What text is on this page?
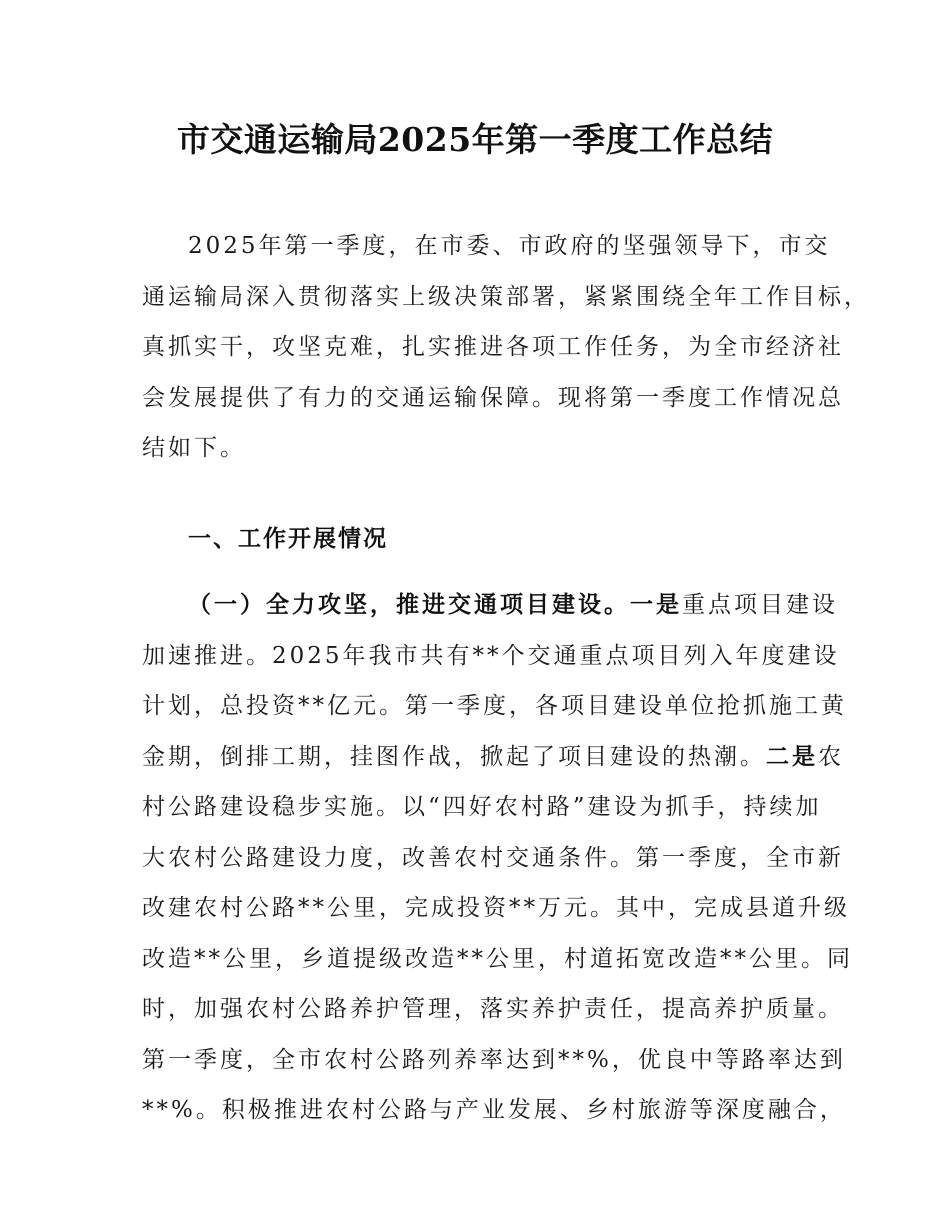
市交通运输局2025年第一季度工作总结
2025年第一季度，在市委、市政府的坚强领导下，市交
通运输局深入贯彻落实上级决策部署，紧紧围绕全年工作目标，
真抓实干，攻坚克难，扎实推进各项工作任务，为全市经济社
会发展提供了有力的交通运输保障。现将第一季度工作情况总
结如下。
一、工作开展情况
（一）全力攻坚，推进交通项目建设。一是重点项目建设
加速推进。2025年我市共有**个交通重点项目列入年度建设
计划，总投资**亿元。第一季度，各项目建设单位抢抓施工黄
金期，倒排工期，挂图作战，掀起了项目建设的热潮。二是农
村公路建设稳步实施。以“四好农村路”建设为抓手，持续加
大农村公路建设力度，改善农村交通条件。第一季度，全市新
改建农村公路**公里，完成投资**万元。其中，完成县道升级
改造**公里，乡道提级改造**公里，村道拓宽改造**公里。同
时，加强农村公路养护管理，落实养护责任，提高养护质量。
第一季度，全市农村公路列养率达到**%，优良中等路率达到
**%。积极推进农村公路与产业发展、乡村旅游等深度融合，
